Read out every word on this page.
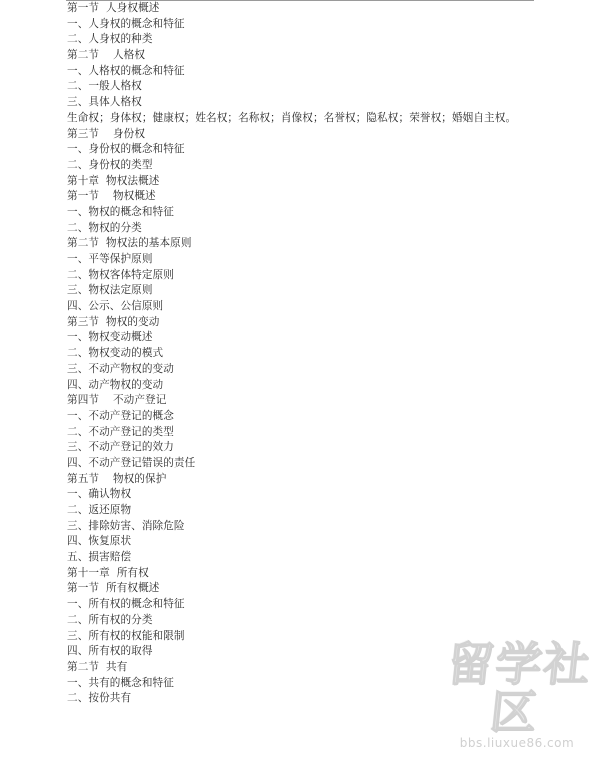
第一节  人身权概述
一、人身权的概念和特征
二、人身权的种类
第二节    人格权
一、人格权的概念和特征
二、一般人格权
三、具体人格权
生命权；身体权；健康权；姓名权；名称权；肖像权；名誉权；隐私权；荣誉权；婚姻自主权。
第三节    身份权
一、身份权的概念和特征
二、身份权的类型
第十章  物权法概述
第一节    物权概述
一、物权的概念和特征
二、物权的分类
第二节  物权法的基本原则
一、平等保护原则
二、物权客体特定原则
三、物权法定原则
四、公示、公信原则
第三节  物权的变动
一、物权变动概述
二、物权变动的模式
三、不动产物权的变动
四、动产物权的变动
第四节    不动产登记
一、不动产登记的概念
二、不动产登记的类型
三、不动产登记的效力
四、不动产登记错误的责任
第五节    物权的保护
一、确认物权
二、返还原物
三、排除妨害、消除危险
四、恢复原状
五、损害赔偿
第十一章  所有权
第一节  所有权概述
一、所有权的概念和特征
二、所有权的分类
三、所有权的权能和限制
四、所有权的取得
第二节  共有
一、共有的概念和特征
二、按份共有
留学社区
bbs.liuxue86.com
